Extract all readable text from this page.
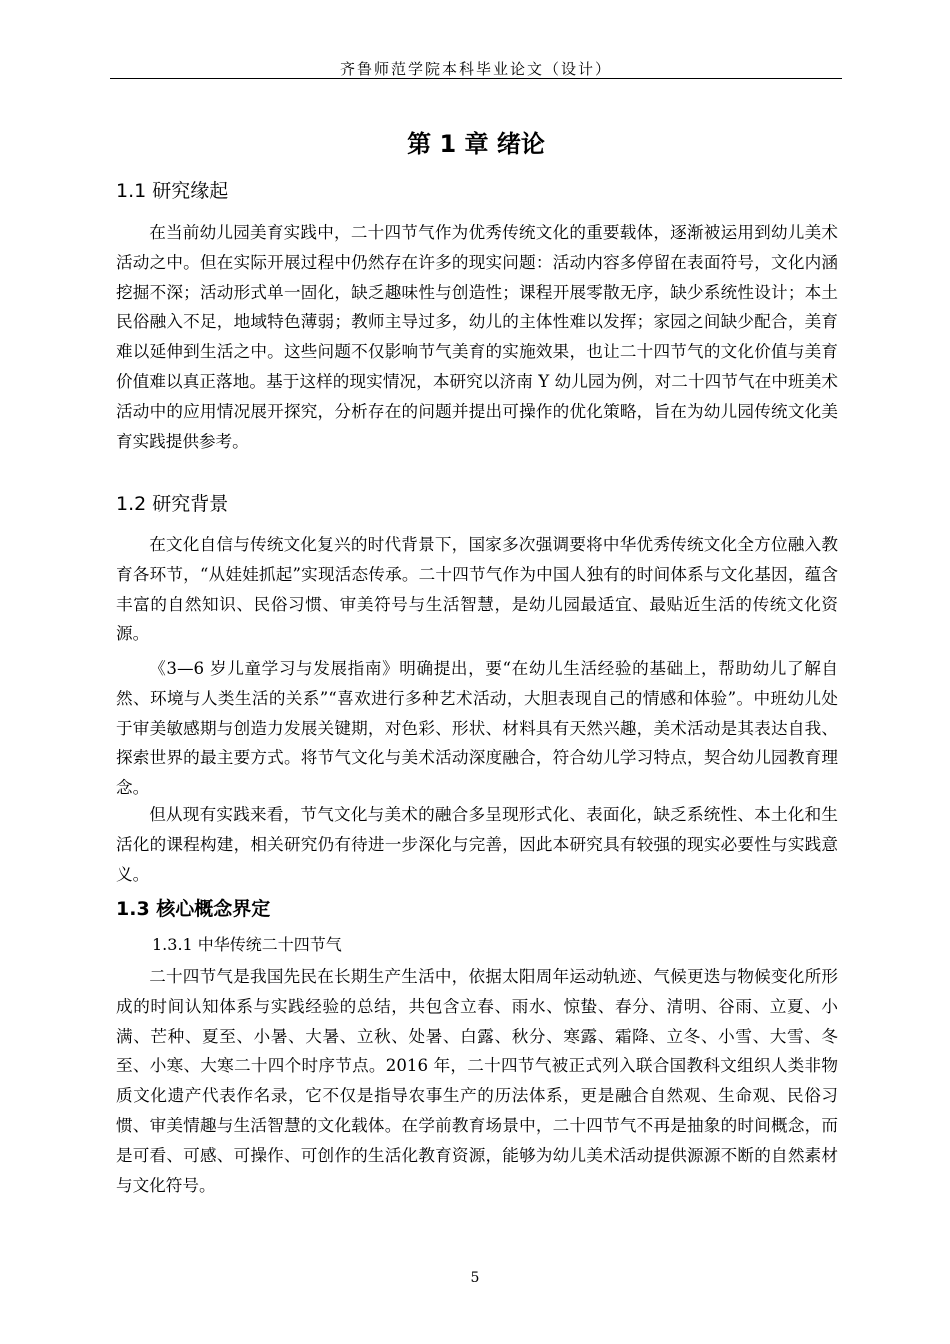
齐鲁师范学院本科毕业论文（设计）
第 1 章 绪论
1.1 研究缘起

在当前幼儿园美育实践中，二十四节气作为优秀传统文化的重要载体，逐渐被运用到幼儿美术活动之中。但在实际开展过程中仍然存在许多的现实问题：活动内容多停留在表面符号，文化内涵挖掘不深；活动形式单一固化，缺乏趣味性与创造性；课程开展零散无序，缺少系统性设计；本土民俗融入不足，地域特色薄弱；教师主导过多，幼儿的主体性难以发挥；家园之间缺少配合，美育难以延伸到生活之中。这些问题不仅影响节气美育的实施效果，也让二十四节气的文化价值与美育价值难以真正落地。基于这样的现实情况，本研究以济南 Y 幼儿园为例，对二十四节气在中班美术活动中的应用情况展开探究，分析存在的问题并提出可操作的优化策略，旨在为幼儿园传统文化美育实践提供参考。

1.2 研究背景

在文化自信与传统文化复兴的时代背景下，国家多次强调要将中华优秀传统文化全方位融入教育各环节，“从娃娃抓起”实现活态传承。二十四节气作为中国人独有的时间体系与文化基因，蕴含丰富的自然知识、民俗习惯、审美符号与生活智慧，是幼儿园最适宜、最贴近生活的传统文化资源。

《3—6 岁儿童学习与发展指南》明确提出，要“在幼儿生活经验的基础上，帮助幼儿了解自然、环境与人类生活的关系”“喜欢进行多种艺术活动，大胆表现自己的情感和体验”。中班幼儿处于审美敏感期与创造力发展关键期，对色彩、形状、材料具有天然兴趣，美术活动是其表达自我、探索世界的最主要方式。将节气文化与美术活动深度融合，符合幼儿学习特点，契合幼儿园教育理念。

但从现有实践来看，节气文化与美术的融合多呈现形式化、表面化，缺乏系统性、本土化和生活化的课程构建，相关研究仍有待进一步深化与完善，因此本研究具有较强的现实必要性与实践意义。

1.3 核心概念界定
1.3.1 中华传统二十四节气

二十四节气是我国先民在长期生产生活中，依据太阳周年运动轨迹、气候更迭与物候变化所形成的时间认知体系与实践经验的总结，共包含立春、雨水、惊蛰、春分、清明、谷雨、立夏、小满、芒种、夏至、小暑、大暑、立秋、处暑、白露、秋分、寒露、霜降、立冬、小雪、大雪、冬至、小寒、大寒二十四个时序节点。2016 年，二十四节气被正式列入联合国教科文组织人类非物质文化遗产代表作名录，它不仅是指导农事生产的历法体系，更是融合自然观、生命观、民俗习惯、审美情趣与生活智慧的文化载体。在学前教育场景中，二十四节气不再是抽象的时间概念，而是可看、可感、可操作、可创作的生活化教育资源，能够为幼儿美术活动提供源源不断的自然素材与文化符号。

5
